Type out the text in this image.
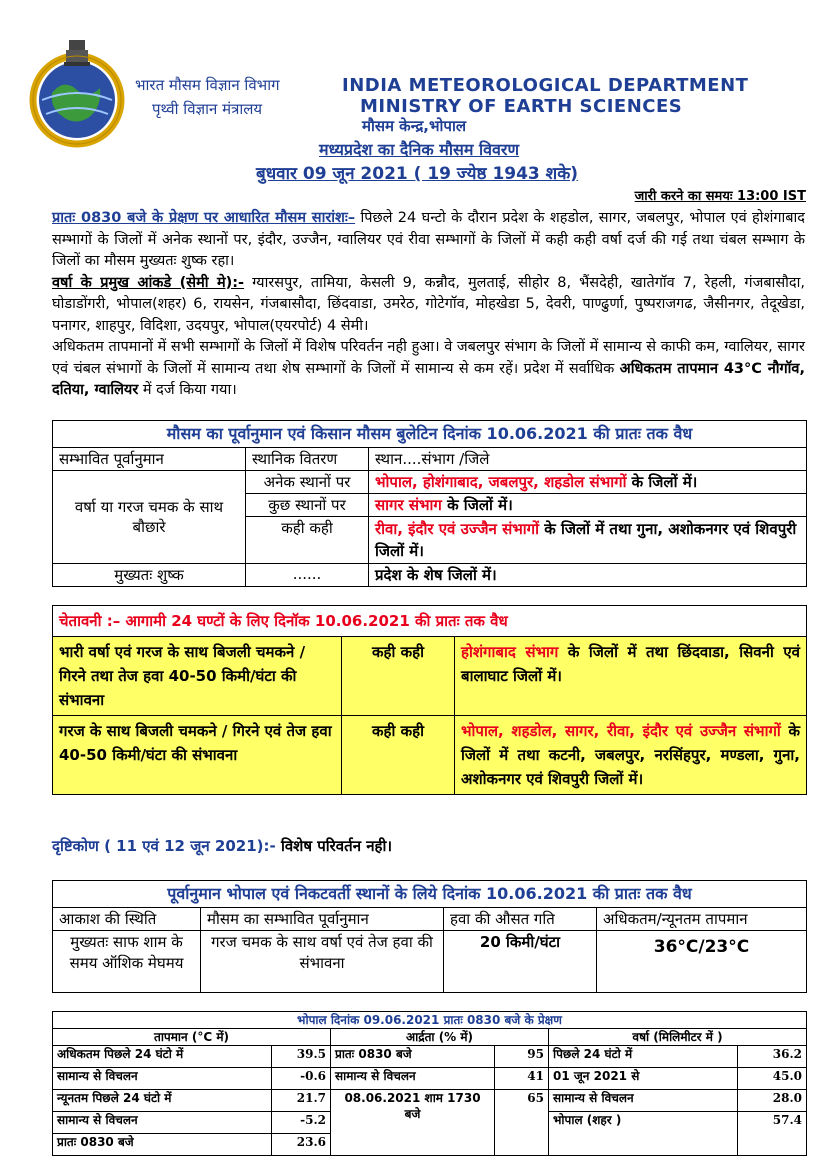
भारत मौसम विज्ञान विभाग
पृथ्वी विज्ञान मंत्रालय
INDIA METEOROLOGICAL DEPARTMENT
MINISTRY OF EARTH SCIENCES
मौसम केन्द्र,भोपाल
मध्यप्रदेश का दैनिक मौसम विवरण
बुधवार 09 जून 2021 ( 19 ज्येष्ठ 1943 शके)
जारी करने का समयः 13:00 IST

प्रातः 0830 बजे के प्रेक्षण पर आधारित मौसम सारांशः– पिछले 24 घन्टो के दौरान प्रदेश के शहडोल, सागर, जबलपुर, भोपाल एवं होशंगाबाद सम्भागों के जिलों में अनेक स्थानों पर, इंदौर, उज्जैन, ग्वालियर एवं रीवा सम्भागों के जिलों में कही कही वर्षा दर्ज की गई तथा चंबल सम्भाग के जिलों का मौसम मुख्यतः शुष्क रहा।

वर्षा के प्रमुख आंकडे (सेमी मे):- ग्यारसपुर, तामिया, केसली 9, कन्नौद, मुलताई, सीहोर 8, भैंसदेही, खातेगॉव 7, रेहली, गंजबासौदा, घोडाडोंगरी, भोपाल(शहर) 6, रायसेन, गंजबासौदा, छिंदवाडा, उमरेठ, गोटेगॉव, मोहखेडा 5, देवरी, पाण्ढुर्णा, पुष्पराजगढ, जैसीनगर, तेदूखेडा, पनागर, शाहपुर, विदिशा, उदयपुर, भोपाल(एयरपोर्ट) 4 सेमी।

अधिकतम तापमानों में सभी सम्भागों के जिलों में विशेष परिवर्तन नही हुआ। वे जबलपुर संभाग के जिलों में सामान्य से काफी कम, ग्वालियर, सागर एवं चंबल संभागों के जिलों में सामान्य तथा शेष सम्भागों के जिलों में सामान्य से कम रहें। प्रदेश में सर्वाधिक अधिकतम तापमान 43°C नौगॉव, दतिया, ग्वालियर में दर्ज किया गया।

मौसम का पूर्वानुमान एवं किसान मौसम बुलेटिन दिनांक 10.06.2021 की प्रातः तक वैध		
सम्भावित पूर्वानुमान	स्थानिक वितरण	स्थान....संभाग /जिले
वर्षा या गरज चमक के साथ बौछारे	अनेक स्थानों पर	भोपाल, होशंगाबाद, जबलपुर, शहडोल संभागों के जिलों में।
	कुछ स्थानों पर	सागर संभाग के जिलों में।
	कही कही	रीवा, इंदौर एवं उज्जैन संभागों के जिलों में तथा गुना, अशोकनगर एवं शिवपुरी जिलों में।
मुख्यतः शुष्क	......	प्रदेश के शेष जिलों में।
चेतावनी :– आगामी 24 घण्टों के लिए दिनॉक 10.06.2021 की प्रातः तक वैध		
भारी वर्षा एवं गरज के साथ बिजली चमकने / गिरने तथा तेज हवा 40-50 किमी/घंटा की संभावना	कही कही	होशंगाबाद संभाग के जिलों में तथा छिंदवाडा, सिवनी एवं बालाघाट जिलों में।
गरज के साथ बिजली चमकने / गिरने एवं तेज हवा 40-50 किमी/घंटा की संभावना	कही कही	भोपाल, शहडोल, सागर, रीवा, इंदौर एवं उज्जैन संभागों के जिलों में तथा कटनी, जबलपुर, नरसिंहपुर, मण्डला, गुना, अशोकनगर एवं शिवपुरी जिलों में।
दृष्टिकोण ( 11 एवं 12 जून 2021):- विशेष परिवर्तन नही।
पूर्वानुमान भोपाल एवं निकटवर्ती स्थानों के लिये दिनांक 10.06.2021 की प्रातः तक वैध			
आकाश की स्थिति	मौसम का सम्भावित पूर्वानुमान	हवा की औसत गति	अधिकतम/न्यूनतम तापमान
मुख्यतः साफ शाम के समय ऑशिक मेघमय	गरज चमक के साथ वर्षा एवं तेज हवा की संभावना	20 किमी/घंटा	36°C/23°C
भोपाल दिनांक 09.06.2021 प्रातः 0830 बजे के प्रेक्षण					
तापमान (°C में)		आर्द्रता (% में)		वर्षा (मिलिमीटर में )	
अधिकतम पिछले 24 घंटो में	39.5	प्रातः 0830 बजे	95	पिछले 24 घंटो में	36.2
सामान्य से विचलन	-0.6	सामान्य से विचलन	41	01 जून 2021 से	45.0
न्यूनतम पिछले 24 घंटो में	21.7	08.06.2021 शाम 1730 बजे	65	सामान्य से विचलन	28.0
सामान्य से विचलन	-5.2			भोपाल (शहर )	57.4
प्रातः 0830 बजे	23.6				
